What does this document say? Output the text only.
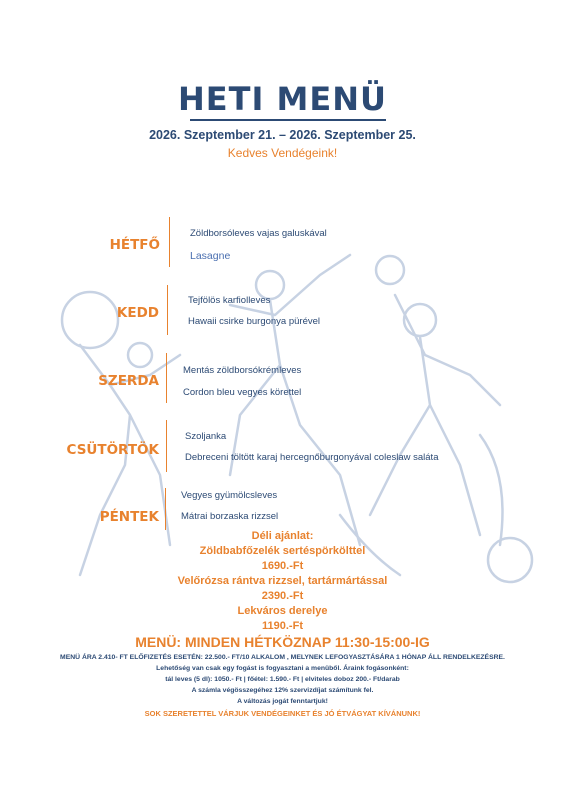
HETI MENÜ
2026. Szeptember 21. – 2026. Szeptember 25.
Kedves Vendégeink!
HÉTFŐ
Zöldborsóleves vajas galuskával
Lasagne
KEDD
Tejfölös karfiolleves
Hawaii csirke burgonya pürével
SZERDA
Mentás zöldborsókrémleves
Cordon bleu vegyes körettel
CSÜTÖRTÖK
Szoljanka
Debreceni töltött karaj hercegnőburgonyával coleslaw saláta
PÉNTEK
Vegyes gyümölcsleves
Mátrai borzaska rizzsel
Déli ajánlat:
Zöldbabfőzelék sertéspörkölttel
1690.-Ft
Velőrózsa rántva rizzsel, tartármártással
2390.-Ft
Lekváros derelye
1190.-Ft
MENÜ: MINDEN HÉTKÖZNAP 11:30-15:00-IG
MENÜ ÁRA 2.410- FT ELŐFIZETÉS ESETÉN: 22.500.- FT/10 ALKALOM , MELYNEK LEFOGYASZTÁSÁRA 1 HÓNAP ÁLL RENDELKEZÉSRE.
Lehetőség van csak egy fogást is fogyasztani a menüből. Áraink fogásonként:
tál leves (5 dl): 1050.- Ft | főétel: 1.590.- Ft | elviteles doboz 200.- Ft/darab
A számla végösszegéhez 12% szervizdíjat számítunk fel.
A változás jogát fenntartjuk!
SOK SZERETETTEL VÁRJUK VENDÉGEINKET ÉS JÓ ÉTVÁGYAT KÍVÁNUNK!
